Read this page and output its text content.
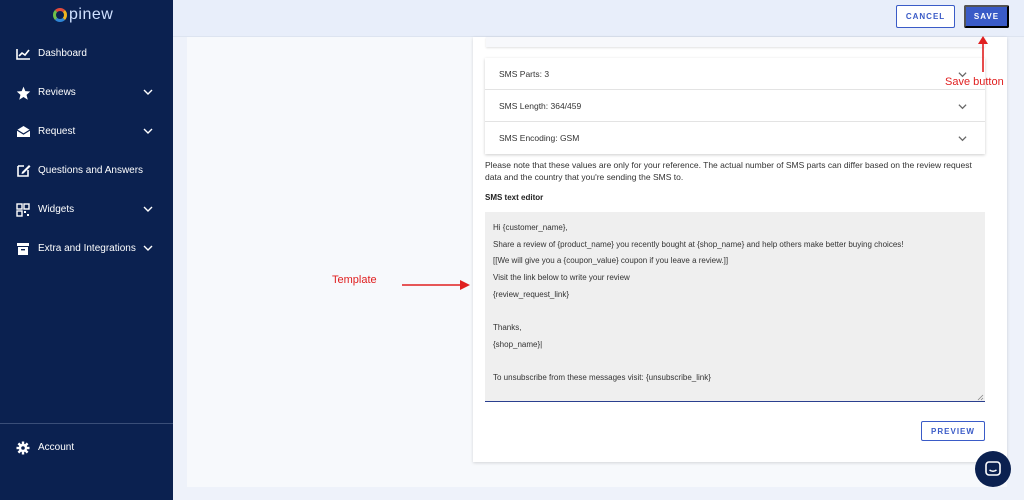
pinew
Dashboard
Reviews
Request
Questions and Answers
Widgets
Extra and Integrations
Account
CANCEL	SAVE
SMS Parts: 3
SMS Length: 364/459
SMS Encoding: GSM
Please note that these values are only for your reference. The actual number of SMS parts can differ based on the review request data and the country that you're sending the SMS to.
SMS text editor
Hi {customer_name},
Share a review of {product_name} you recently bought at {shop_name} and help others make better buying choices!
[[We will give you a {coupon_value} coupon if you leave a review.]]
Visit the link below to write your review
{review_request_link}

Thanks,
{shop_name}|

To unsubscribe from these messages visit: {unsubscribe_link}
PREVIEW
Save button
Template
